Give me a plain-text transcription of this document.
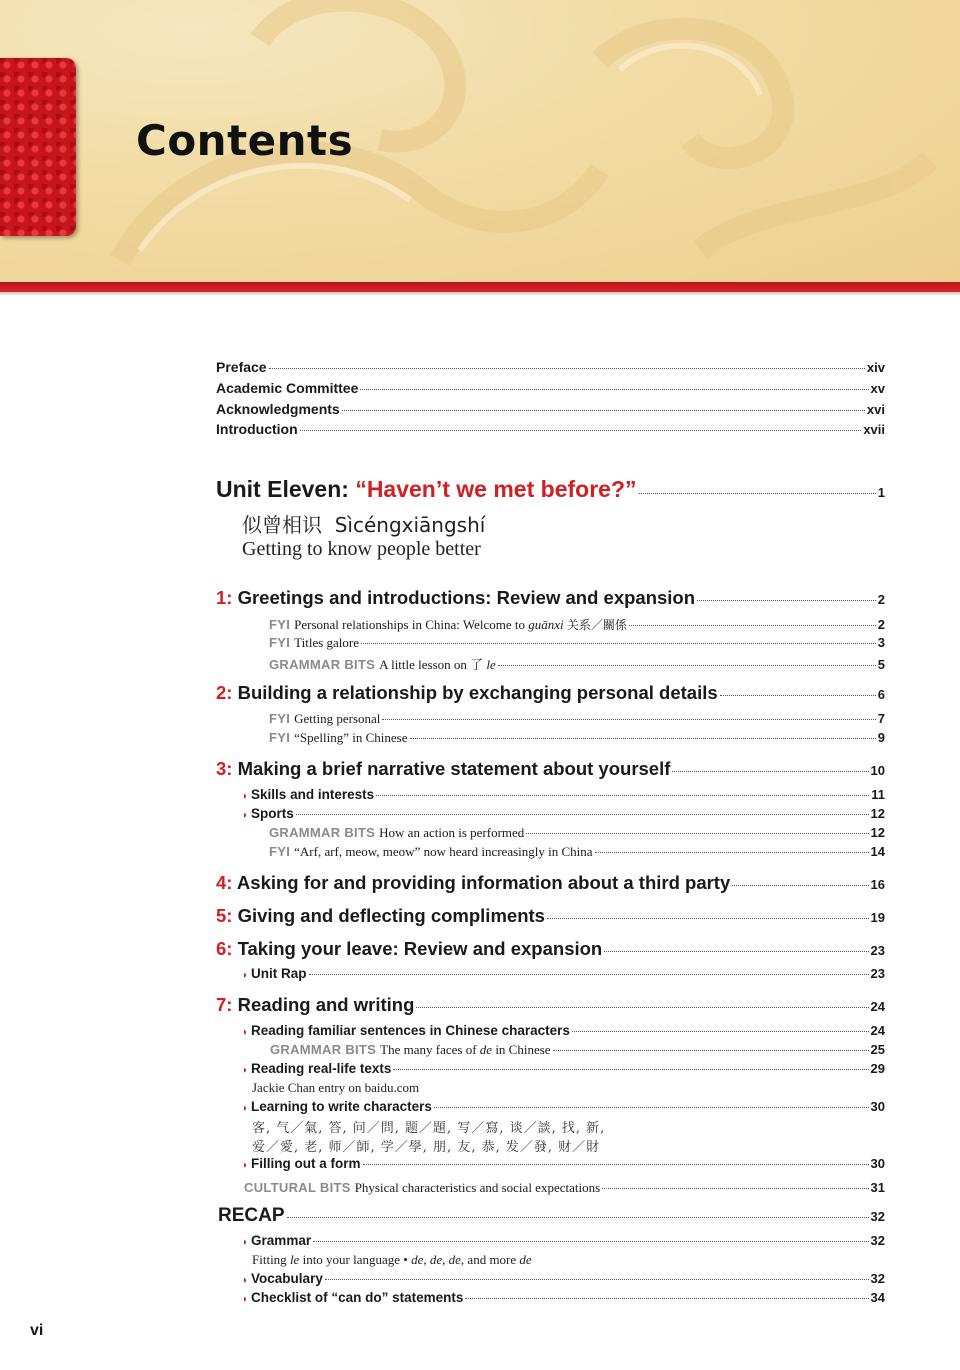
Contents
Preface	xiv
Academic Committee	xv
Acknowledgments	xvi
Introduction	xvii
Unit Eleven: “Haven’t we met before?”	1
似曾相识 Sìcéngxiāngshí
Getting to know people better
1: Greetings and introductions: Review and expansion	2
FYI Personal relationships in China: Welcome to guānxi 关系／關係	2
FYI Titles galore	3
GRAMMAR BITS A little lesson on 了 le	5
2: Building a relationship by exchanging personal details	6
FYI Getting personal	7
FYI “Spelling” in Chinese	9
3: Making a brief narrative statement about yourself	10
◗ Skills and interests	11
◗ Sports	12
GRAMMAR BITS How an action is performed	12
FYI “Arf, arf, meow, meow” now heard increasingly in China	14
4: Asking for and providing information about a third party	16
5: Giving and deflecting compliments	19
6: Taking your leave: Review and expansion	23
◗ Unit Rap	23
7: Reading and writing	24
◗ Reading familiar sentences in Chinese characters	24
GRAMMAR BITS The many faces of de in Chinese	25
◗ Reading real-life texts	29
Jackie Chan entry on baidu.com
◗ Learning to write characters	30
客, 气／氣, 答, 问／問, 题／題, 写／寫, 谈／談, 找, 新,
爱／愛, 老, 师／師, 学／學, 朋, 友, 恭, 发／發, 财／財
◗ Filling out a form	30
CULTURAL BITS Physical characteristics and social expectations	31
RECAP	32
◗ Grammar	32
Fitting le into your language • de, de, de, and more de
◗ Vocabulary	32
◗ Checklist of “can do” statements	34
vi
